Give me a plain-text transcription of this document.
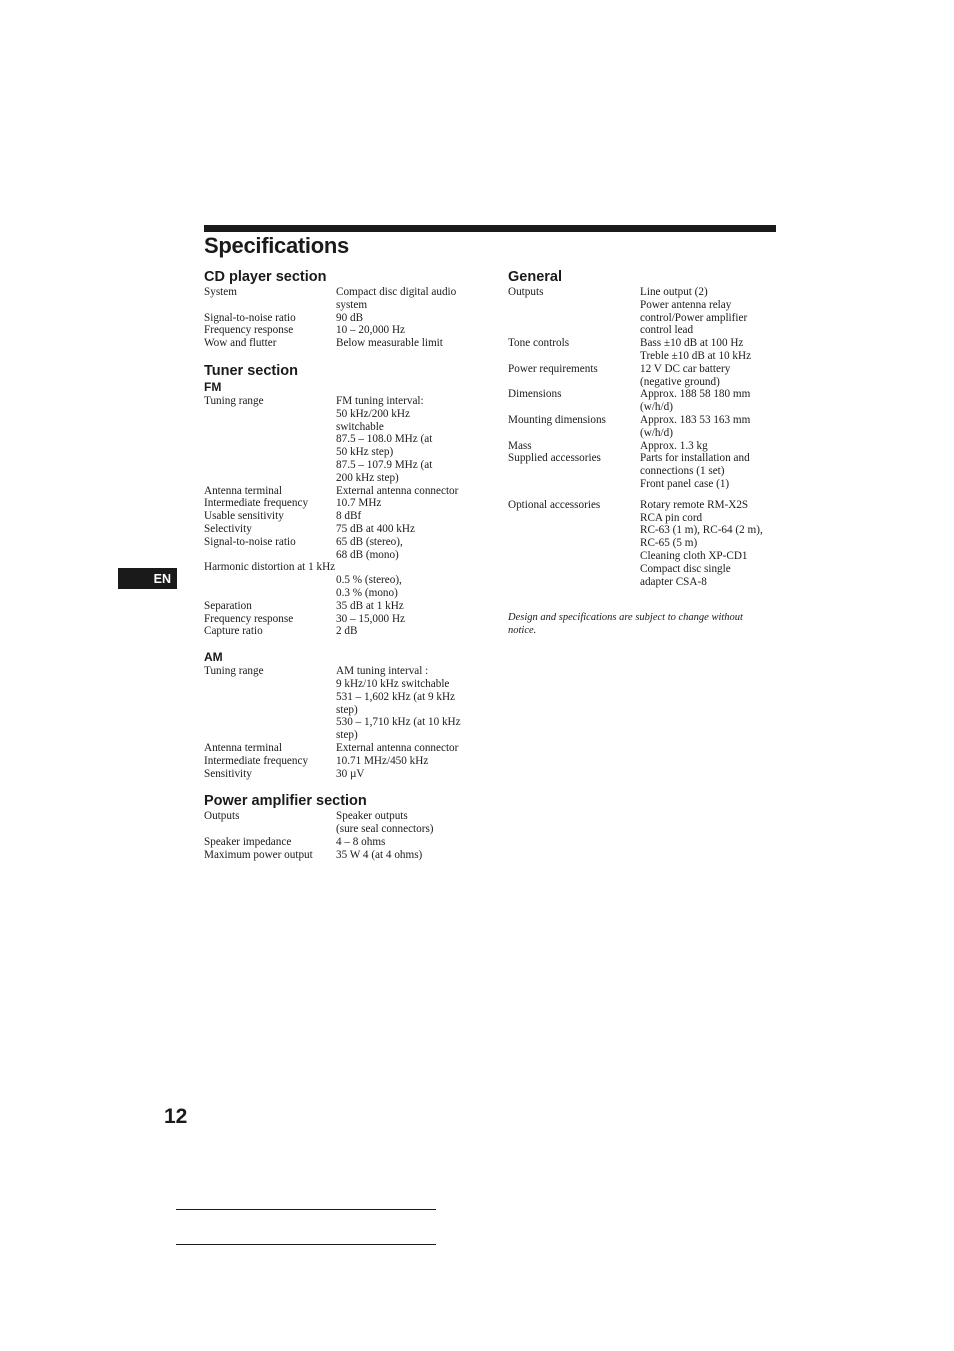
Specifications
CD player section
System	Compact disc digital audio
system
Signal-to-noise ratio	90 dB
Frequency response	10 – 20,000 Hz
Wow and flutter	Below measurable limit
Tuner section
FM
Tuning range	FM tuning interval:
50 kHz/200 kHz
switchable
87.5 – 108.0 MHz (at
50 kHz step)
87.5 – 107.9 MHz (at
200 kHz step)
Antenna terminal	External antenna connector
Intermediate frequency	10.7 MHz
Usable sensitivity	8 dBf
Selectivity	75 dB at 400 kHz
Signal-to-noise ratio	65 dB (stereo),
68 dB (mono)
Harmonic distortion at 1 kHz
0.5 % (stereo),
0.3 % (mono)
Separation	35 dB at 1 kHz
Frequency response	30 – 15,000 Hz
Capture ratio	2 dB
AM
Tuning range	AM tuning interval :
9 kHz/10 kHz switchable
531 – 1,602 kHz (at 9 kHz
step)
530 – 1,710 kHz (at 10 kHz
step)
Antenna terminal	External antenna connector
Intermediate frequency	10.71 MHz/450 kHz
Sensitivity	30 µV
Power amplifier section
Outputs	Speaker outputs
(sure seal connectors)
Speaker impedance	4 – 8 ohms
Maximum power output	35 W 4 (at 4 ohms)
General
Outputs	Line output (2)
Power antenna relay
control/Power amplifier
control lead
Tone controls	Bass ±10 dB at 100 Hz
Treble ±10 dB at 10 kHz
Power requirements	12 V DC car battery
(negative ground)
Dimensions	Approx. 188 58 180 mm
(w/h/d)
Mounting dimensions	Approx. 183 53 163 mm
(w/h/d)
Mass	Approx. 1.3 kg
Supplied accessories	Parts for installation and
connections (1 set)
Front panel case (1)
Optional accessories	Rotary remote RM-X2S
RCA pin cord
RC-63 (1 m), RC-64 (2 m),
RC-65 (5 m)
Cleaning cloth XP-CD1
Compact disc single
adapter CSA-8

Design and specifications are subject to change without notice.

EN
12
